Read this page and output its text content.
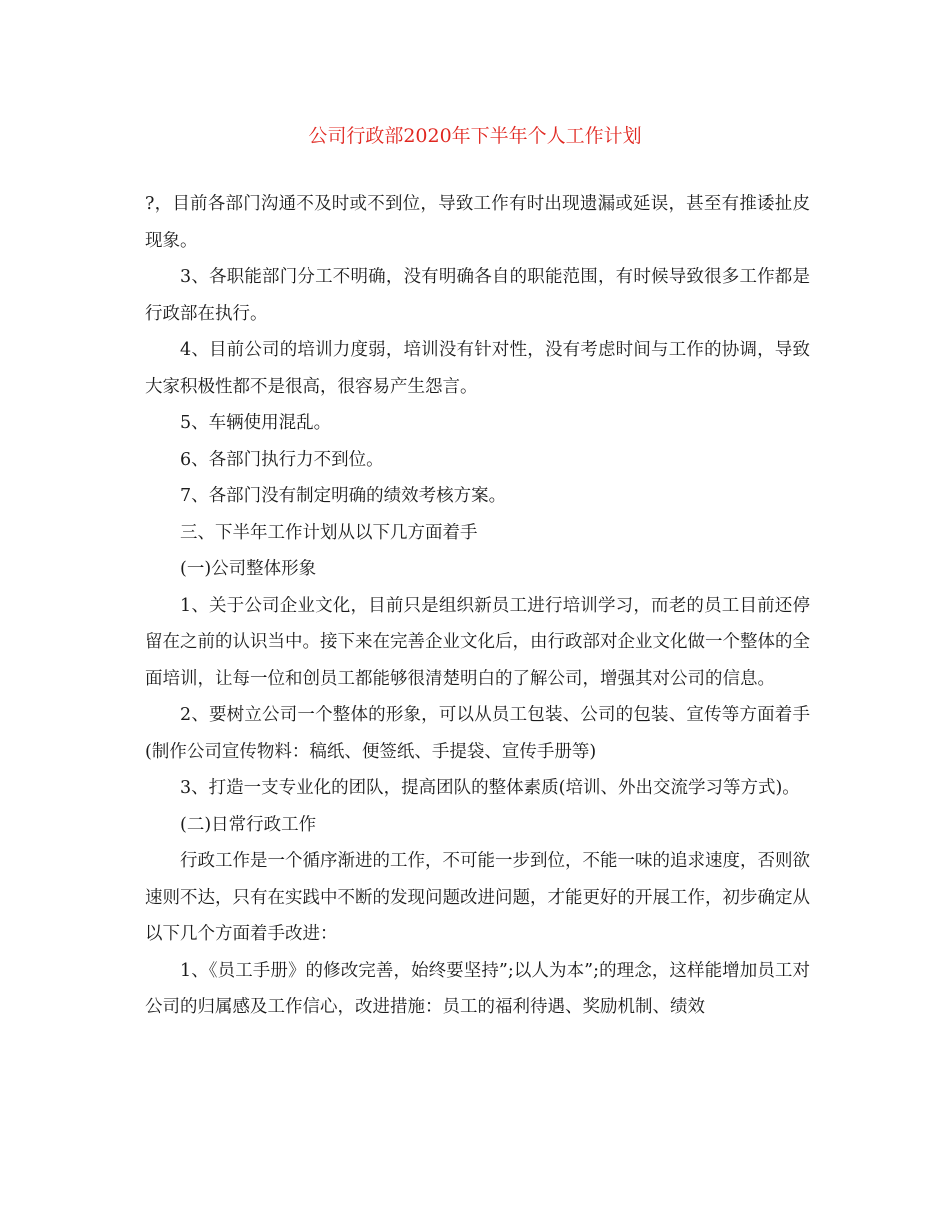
公司行政部2020年下半年个人工作计划

?，目前各部门沟通不及时或不到位，导致工作有时出现遗漏或延误，甚至有推诿扯皮现象。

3、各职能部门分工不明确，没有明确各自的职能范围，有时候导致很多工作都是行政部在执行。

4、目前公司的培训力度弱，培训没有针对性，没有考虑时间与工作的协调，导致大家积极性都不是很高，很容易产生怨言。

5、车辆使用混乱。

6、各部门执行力不到位。

7、各部门没有制定明确的绩效考核方案。

三、下半年工作计划从以下几方面着手

(一)公司整体形象

1、关于公司企业文化，目前只是组织新员工进行培训学习，而老的员工目前还停留在之前的认识当中。接下来在完善企业文化后，由行政部对企业文化做一个整体的全面培训，让每一位和创员工都能够很清楚明白的了解公司，增强其对公司的信息。

2、要树立公司一个整体的形象，可以从员工包装、公司的包装、宣传等方面着手(制作公司宣传物料：稿纸、便签纸、手提袋、宣传手册等)

3、打造一支专业化的团队，提高团队的整体素质(培训、外出交流学习等方式)。

(二)日常行政工作

行政工作是一个循序渐进的工作，不可能一步到位，不能一味的追求速度，否则欲速则不达，只有在实践中不断的发现问题改进问题，才能更好的开展工作，初步确定从以下几个方面着手改进：

1、《员工手册》的修改完善，始终要坚持”;以人为本”;的理念，这样能增加员工对公司的归属感及工作信心，改进措施：员工的福利待遇、奖励机制、绩效
